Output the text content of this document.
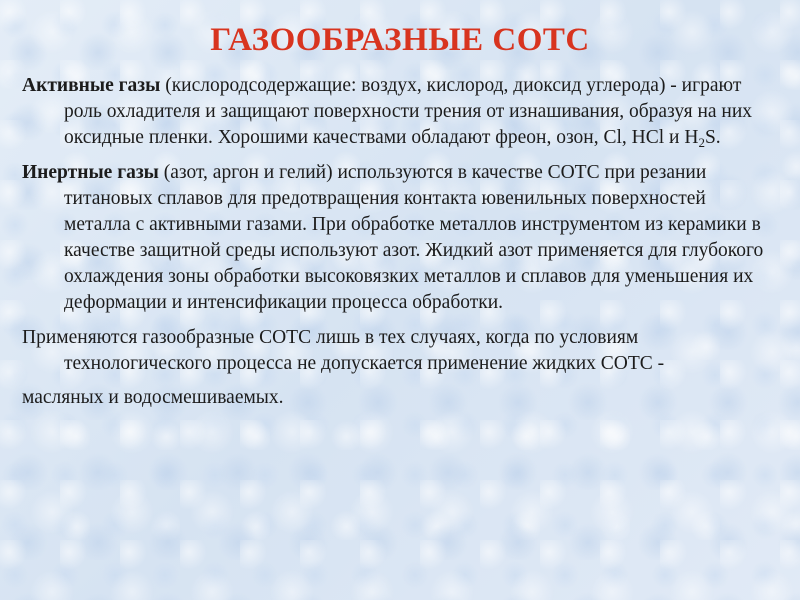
ГАЗООБРАЗНЫЕ СОТС

Активные газы (кислородсодержащие: воздух, кислород, диоксид углерода) - играют роль охладителя и защищают поверхности трения от изнашивания, образуя на них оксидные пленки. Хорошими качествами обладают фреон, озон, Cl, HCl и $H_2S$.

Инертные газы (азот, аргон и гелий) используются в качестве СОТС при резании титановых сплавов для предотвращения контакта ювенильных поверхностей металла с активными газами. При обработке металлов инструментом из керамики в качестве защитной среды используют азот. Жидкий азот применяется для глубокого охлаждения зоны обработки высоковязких металлов и сплавов для уменьшения их деформации и интенсификации процесса обработки.

Применяются газообразные СОТС лишь в тех случаях, когда по условиям технологического процесса не допускается применение жидких СОТС -
масляных и водосмешиваемых.
